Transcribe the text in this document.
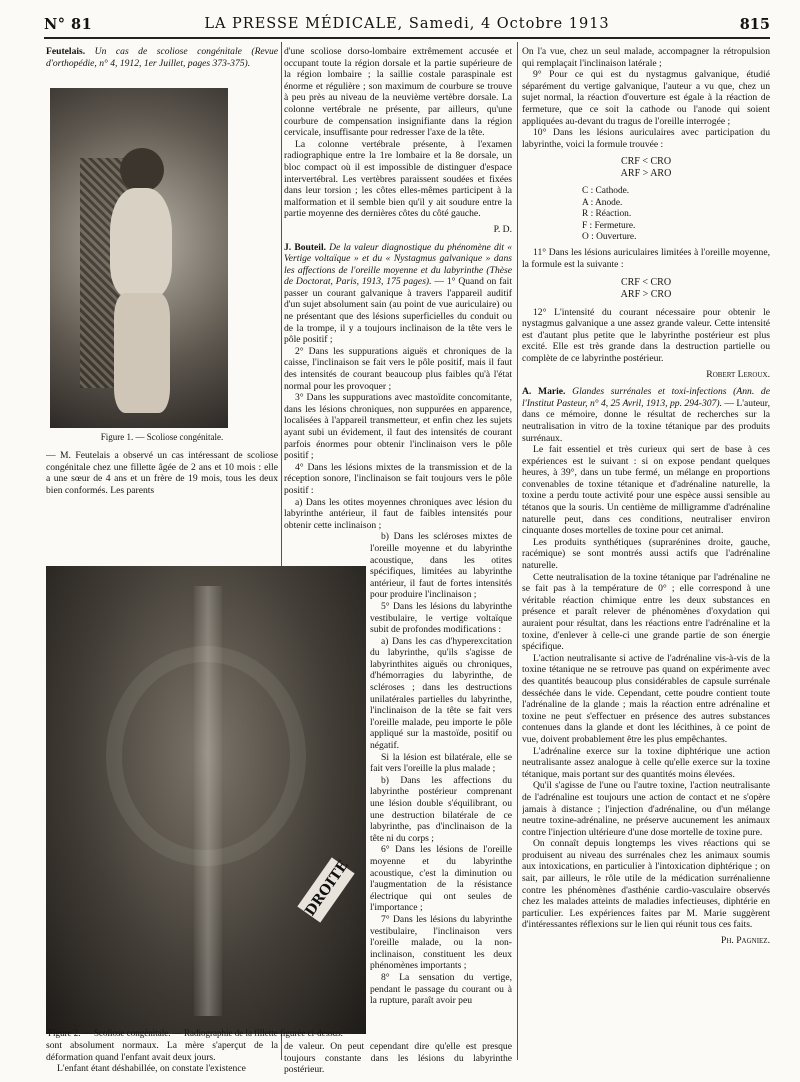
N° 81	LA PRESSE MÉDICALE, Samedi, 4 Octobre 1913	815

Feutelais. Un cas de scoliose congénitale (Revue d'orthopédie, n° 4, 1912, 1er Juillet, pages 373-375).

Figure 1. — Scoliose congénitale.

— M. Feutelais a observé un cas intéressant de scoliose congénitale chez une fillette âgée de 2 ans et 10 mois : elle a une sœur de 4 ans et un frère de 19 mois, tous les deux bien conformés. Les parents

DROITE
Figure 2. — Scoliose congénitale. — Radiographie de la fillette figurée ci-dessus.

sont absolument normaux. La mère s'aperçut de la déformation quand l'enfant avait deux jours.

L'enfant étant déshabillée, on constate l'existence

d'une scoliose dorso-lombaire extrêmement accusée et occupant toute la région dorsale et la partie supérieure de la région lombaire ; la saillie costale paraspinale est énorme et régulière ; son maximum de courbure se trouve à peu près au niveau de la neuvième vertèbre dorsale. La colonne vertébrale ne présente, par ailleurs, qu'une courbure de compensation insignifiante dans la région cervicale, insuffisante pour redresser l'axe de la tête.

La colonne vertébrale présente, à l'examen radiographique entre la 1re lombaire et la 8e dorsale, un bloc compact où il est impossible de distinguer d'espace intervertébral. Les vertèbres paraissent soudées et fixées dans leur torsion ; les côtes elles-mêmes participent à la malformation et il semble bien qu'il y ait soudure entre la partie moyenne des dernières côtes du côté gauche.

P. D.

J. Bouteil. De la valeur diagnostique du phénomène dit « Vertige voltaïque » et du « Nystagmus galvanique » dans les affections de l'oreille moyenne et du labyrinthe (Thèse de Doctorat, Paris, 1913, 175 pages). — 1° Quand on fait passer un courant galvanique à travers l'appareil auditif d'un sujet absolument sain (au point de vue auriculaire) ou ne présentant que des lésions superficielles du conduit ou de la trompe, il y a toujours inclinaison de la tête vers le pôle positif ;

2° Dans les suppurations aiguës et chroniques de la caisse, l'inclinaison se fait vers le pôle positif, mais il faut des intensités de courant beaucoup plus faibles qu'à l'état normal pour les provoquer ;

3° Dans les suppurations avec mastoïdite concomitante, dans les lésions chroniques, non suppurées en apparence, localisées à l'appareil transmetteur, et enfin chez les sujets ayant subi un évidement, il faut des intensités de courant parfois énormes pour obtenir l'inclinaison vers le pôle positif ;

4° Dans les lésions mixtes de la transmission et de la réception sonore, l'inclinaison se fait toujours vers le pôle positif :

a) Dans les otites moyennes chroniques avec lésion du labyrinthe antérieur, il faut de faibles intensités pour obtenir cette inclinaison ;

b) Dans les scléroses mixtes de l'oreille moyenne et du labyrinthe acoustique, dans les otites spécifiques, limitées au labyrinthe antérieur, il faut de fortes intensités pour produire l'inclinaison ;

5° Dans les lésions du labyrinthe vestibulaire, le vertige voltaïque subit de profondes modifications :

a) Dans les cas d'hyperexcitation du labyrinthe, qu'ils s'agisse de labyrinthites aiguës ou chroniques, d'hémorragies du labyrinthe, de scléroses ; dans les destructions unilatérales partielles du labyrinthe, l'inclinaison de la tête se fait vers l'oreille malade, peu importe le pôle appliqué sur la mastoïde, positif ou négatif.

Si la lésion est bilatérale, elle se fait vers l'oreille la plus malade ;

b) Dans les affections du labyrinthe postérieur comprenant une lésion double s'équilibrant, ou une destruction bilatérale de ce labyrinthe, pas d'inclinaison de la tête ni du corps ;

6° Dans les lésions de l'oreille moyenne et du labyrinthe acoustique, c'est la diminution ou l'augmentation de la résistance électrique qui ont seules de l'importance ;

7° Dans les lésions du labyrinthe vestibulaire, l'inclinaison vers l'oreille malade, ou la non-inclinaison, constituent les deux phénomènes importants ;

8° La sensation du vertige, pendant le passage du courant ou à la rupture, paraît avoir peu

de valeur. On peut cependant dire qu'elle est presque toujours constante dans les lésions du labyrinthe postérieur.

On l'a vue, chez un seul malade, accompagner la rétropulsion qui remplaçait l'inclinaison latérale ;

9° Pour ce qui est du nystagmus galvanique, étudié séparément du vertige galvanique, l'auteur a vu que, chez un sujet normal, la réaction d'ouverture est égale à la réaction de fermeture, que ce soit la cathode ou l'anode qui soient appliquées au-devant du tragus de l'oreille interrogée ;

10° Dans les lésions auriculaires avec participation du labyrinthe, voici la formule trouvée :

CRF < CRO
ARF > ARO
C : Cathode.
A : Anode.
R : Réaction.
F : Fermeture.
O : Ouverture.

11° Dans les lésions auriculaires limitées à l'oreille moyenne, la formule est la suivante :

CRF < CRO
ARF > CRO

12° L'intensité du courant nécessaire pour obtenir le nystagmus galvanique a une assez grande valeur. Cette intensité est d'autant plus petite que le labyrinthe postérieur est plus excité. Elle est très grande dans la destruction partielle ou complète de ce labyrinthe postérieur.

Robert Leroux.

A. Marie. Glandes surrénales et toxi-infections (Ann. de l'Institut Pasteur, n° 4, 25 Avril, 1913, pp. 294-307). — L'auteur, dans ce mémoire, donne le résultat de recherches sur la neutralisation in vitro de la toxine tétanique par des produits surrénaux.

Le fait essentiel et très curieux qui sert de base à ces expériences est le suivant : si on expose pendant quelques heures, à 39°, dans un tube fermé, un mélange en proportions convenables de toxine tétanique et d'adrénaline naturelle, la toxine a perdu toute activité pour une espèce aussi sensible au tétanos que la souris. Un centième de milligramme d'adrénaline naturelle peut, dans ces conditions, neutraliser environ cinquante doses mortelles de toxine pour cet animal.

Les produits synthétiques (suprarénines droite, gauche, racémique) se sont montrés aussi actifs que l'adrénaline naturelle.

Cette neutralisation de la toxine tétanique par l'adrénaline ne se fait pas à la température de 0° ; elle correspond à une véritable réaction chimique entre les deux substances en présence et paraît relever de phénomènes d'oxydation qui auraient pour résultat, dans les réactions entre l'adrénaline et la toxine, d'enlever à celle-ci une grande partie de son énergie spécifique.

L'action neutralisante si active de l'adrénaline vis-à-vis de la toxine tétanique ne se retrouve pas quand on expérimente avec des quantités beaucoup plus considérables de capsule surrénale desséchée dans le vide. Cependant, cette poudre contient toute l'adrénaline de la glande ; mais la réaction entre adrénaline et toxine ne peut s'effectuer en présence des autres substances contenues dans la glande et dont les lécithines, à ce point de vue, doivent probablement être les plus empêchantes.

L'adrénaline exerce sur la toxine diphtérique une action neutralisante assez analogue à celle qu'elle exerce sur la toxine tétanique, mais portant sur des quantités moins élevées.

Qu'il s'agisse de l'une ou l'autre toxine, l'action neutralisante de l'adrénaline est toujours une action de contact et ne s'opère jamais à distance ; l'injection d'adrénaline, ou d'un mélange neutre toxine-adrénaline, ne préserve aucunement les animaux contre l'injection ultérieure d'une dose mortelle de toxine pure.

On connaît depuis longtemps les vives réactions qui se produisent au niveau des surrénales chez les animaux soumis aux intoxications, en particulier à l'intoxication diphtérique ; on sait, par ailleurs, le rôle utile de la médication surrénalienne contre les phénomènes d'asthénie cardio-vasculaire observés chez les malades atteints de maladies infectieuses, diphtérie en particulier. Les expériences faites par M. Marie suggèrent d'intéressantes réflexions sur le lien qui réunit tous ces faits.

Ph. Pagniez.
